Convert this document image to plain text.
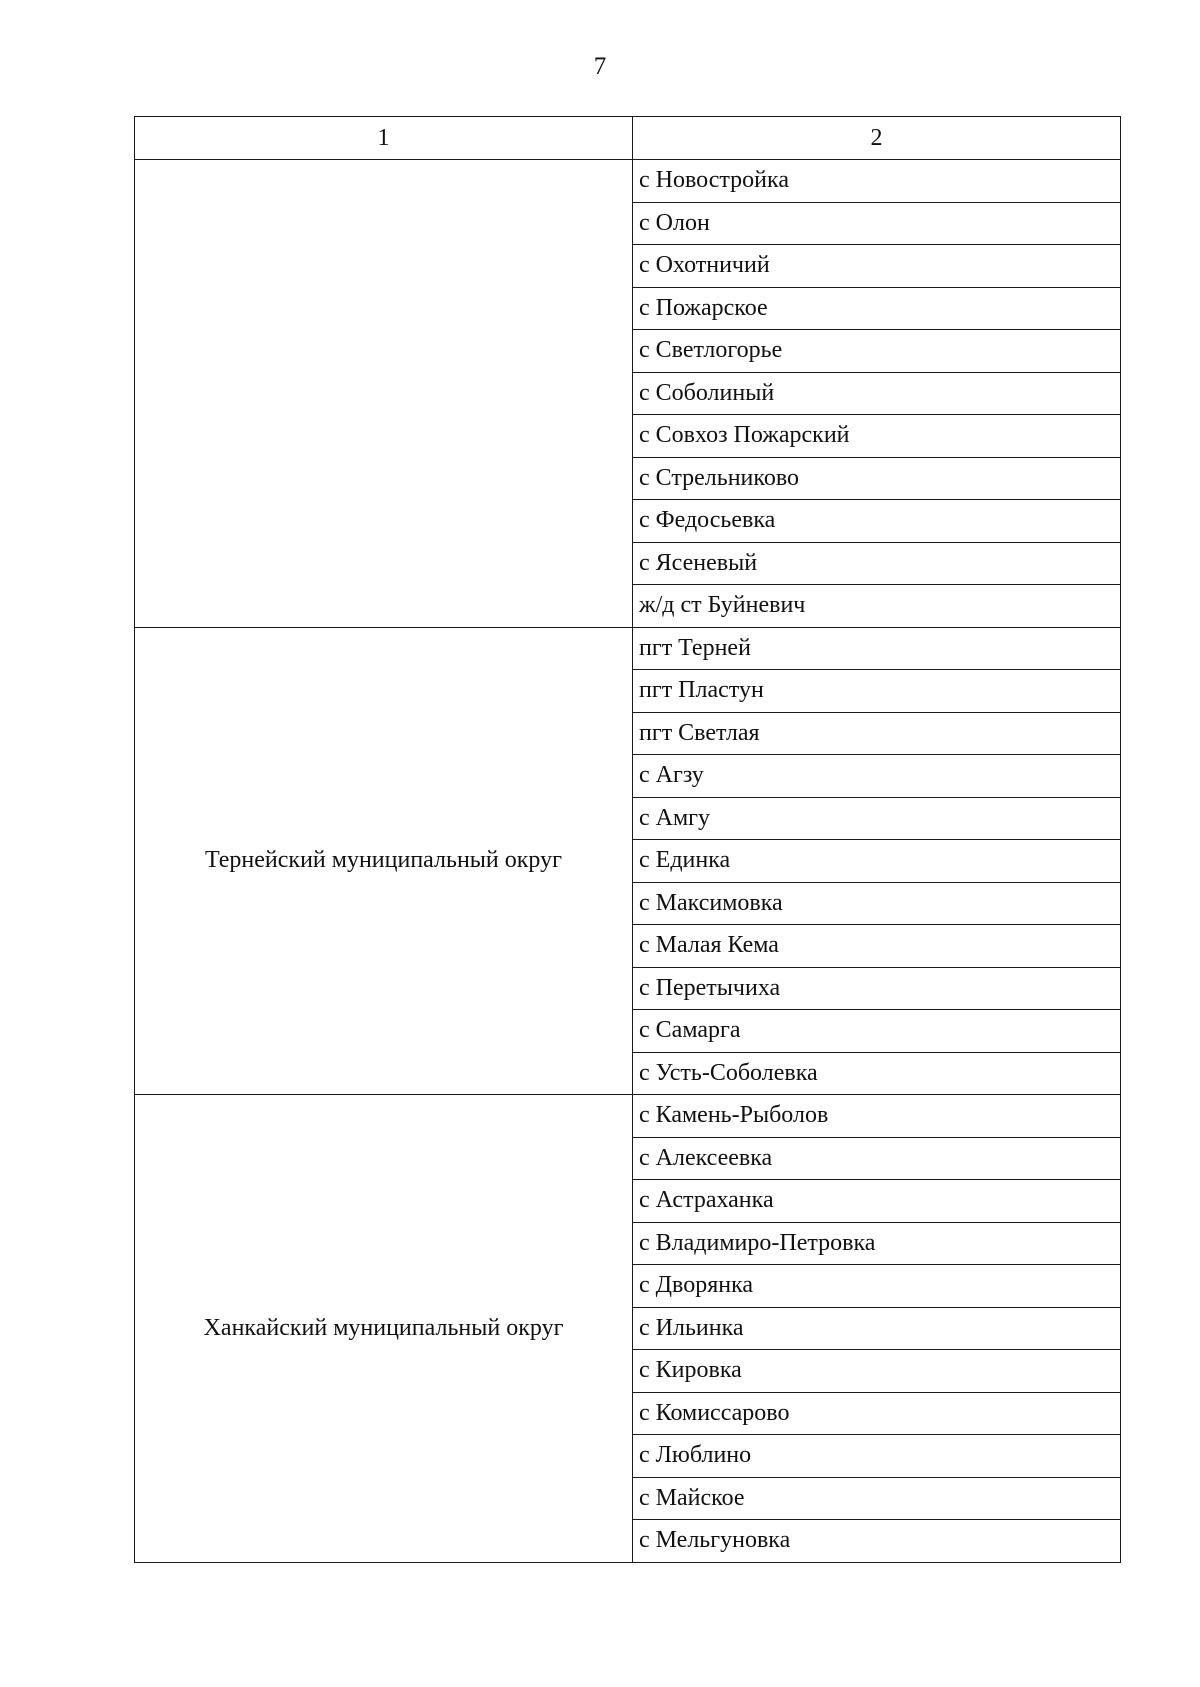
7
1	2
	с Новостройка
	с Олон
	с Охотничий
	с Пожарское
	с Светлогорье
	с Соболиный
	с Совхоз Пожарский
	с Стрельниково
	с Федосьевка
	с Ясеневый
	ж/д ст Буйневич
Тернейский муниципальный округ	пгт Терней
	пгт Пластун
	пгт Светлая
	с Агзу
	с Амгу
	с Единка
	с Максимовка
	с Малая Кема
	с Перетычиха
	с Самарга
	с Усть-Соболевка
Ханкайский муниципальный округ	с Камень-Рыболов
	с Алексеевка
	с Астраханка
	с Владимиро-Петровка
	с Дворянка
	с Ильинка
	с Кировка
	с Комиссарово
	с Люблино
	с Майское
	с Мельгуновка
